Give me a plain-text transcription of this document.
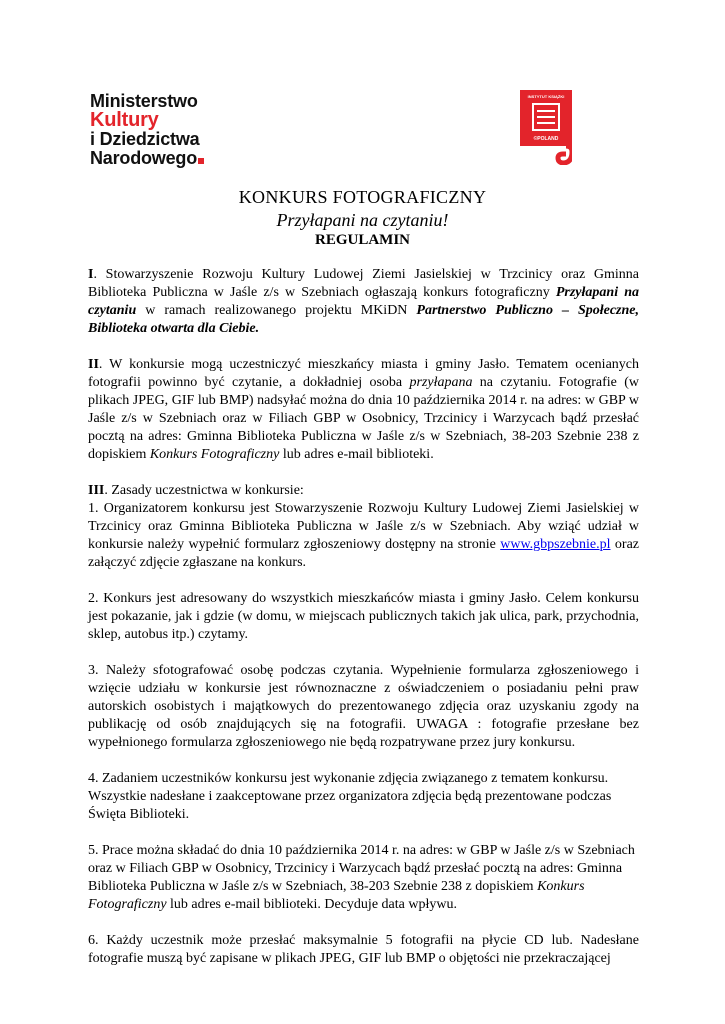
Ministerstwo
Kultury
i Dziedzictwa
Narodowego
INSTYTUT KSIĄŻKI
©POLAND
KONKURS FOTOGRAFICZNY
Przyłapani na czytaniu!
REGULAMIN

I. Stowarzyszenie Rozwoju Kultury Ludowej Ziemi Jasielskiej w Trzcinicy oraz Gminna Biblioteka Publiczna w Jaśle z/s w Szebniach ogłaszają konkurs fotograficzny Przyłapani na czytaniu w ramach realizowanego projektu MKiDN Partnerstwo Publiczno – Społeczne, Biblioteka otwarta dla Ciebie.

II. W konkursie mogą uczestniczyć mieszkańcy miasta i gminy Jasło. Tematem ocenianych fotografii powinno być czytanie, a dokładniej osoba przyłapana na czytaniu. Fotografie (w plikach JPEG, GIF lub BMP) nadsyłać można do dnia 10 października 2014 r. na adres: w GBP w Jaśle z/s w Szebniach oraz w Filiach GBP w Osobnicy, Trzcinicy i Warzycach bądź przesłać pocztą na adres: Gminna Biblioteka Publiczna w Jaśle z/s w Szebniach, 38-203 Szebnie 238 z dopiskiem Konkurs Fotograficzny lub adres e-mail biblioteki.

III. Zasady uczestnictwa w konkursie:

1. Organizatorem konkursu jest Stowarzyszenie Rozwoju Kultury Ludowej Ziemi Jasielskiej w Trzcinicy oraz Gminna Biblioteka Publiczna w Jaśle z/s w Szebniach. Aby wziąć udział w konkursie należy wypełnić formularz zgłoszeniowy dostępny na stronie www.gbpszebnie.pl oraz załączyć zdjęcie zgłaszane na konkurs.

2. Konkurs jest adresowany do wszystkich mieszkańców miasta i gminy Jasło. Celem konkursu jest pokazanie, jak i gdzie (w domu, w miejscach publicznych takich jak ulica, park, przychodnia, sklep, autobus itp.) czytamy.

3. Należy sfotografować osobę podczas czytania. Wypełnienie formularza zgłoszeniowego i wzięcie udziału w konkursie jest równoznaczne z oświadczeniem o posiadaniu pełni praw autorskich osobistych i majątkowych do prezentowanego zdjęcia oraz uzyskaniu zgody na publikację od osób znajdujących się na fotografii. UWAGA : fotografie przesłane bez wypełnionego formularza zgłoszeniowego nie będą rozpatrywane przez jury konkursu.

4. Zadaniem uczestników konkursu jest wykonanie zdjęcia związanego z tematem konkursu. Wszystkie nadesłane i zaakceptowane przez organizatora zdjęcia będą prezentowane podczas Święta Biblioteki.

5. Prace można składać do dnia 10 października 2014 r. na adres: w GBP w Jaśle z/s w Szebniach oraz w Filiach GBP w Osobnicy, Trzcinicy i Warzycach bądź przesłać pocztą na adres: Gminna Biblioteka Publiczna w Jaśle z/s w Szebniach, 38-203 Szebnie 238 z dopiskiem Konkurs Fotograficzny lub adres e-mail biblioteki. Decyduje data wpływu.

6. Każdy uczestnik może przesłać maksymalnie 5 fotografii na płycie CD lub. Nadesłane fotografie muszą być zapisane w plikach JPEG, GIF lub BMP o objętości nie przekraczającej
